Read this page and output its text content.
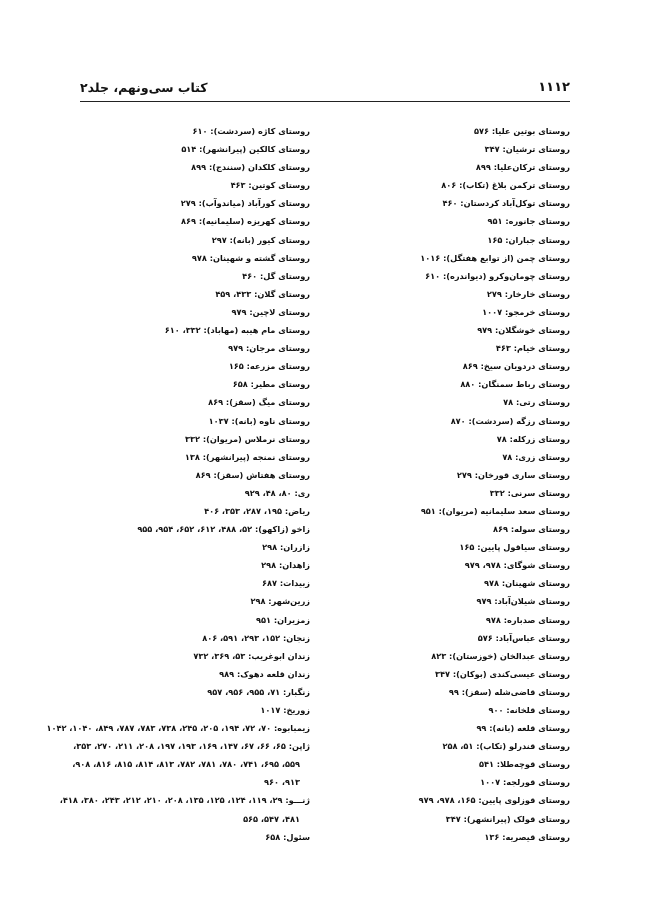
کتاب سی‌ونهم، جلد۲	۱۱۱۲
روستای بوتین علیا: ۵۷۶
روستای ترشیان: ۳۴۷
روستای ترکان‌علیا: ۸۹۹
روستای ترکمن بلاغ (تکاب): ۸۰۶
روستای توکل‌آباد کردستان: ۴۶۰
روستای جانوره: ۹۵۱
روستای جباران: ۱۶۵
روستای چمن (از توابع هفتگل): ۱۰۱۶
روستای چومان‌وکرو (دیواندره): ۶۱۰
روستای خارخار: ۲۷۹
روستای خرمجو: ۱۰۰۷
روستای خوشگلان: ۹۷۹
روستای خیام: ۴۶۳
روستای دردویان سیخ: ۸۶۹
روستای رباط سمنگان: ۸۸۰
روستای رتی: ۷۸
روستای رزگه (سردشت): ۸۷۰
روستای زرکله: ۷۸
روستای زری: ۷۸
روستای ساری قورخان: ۲۷۹
روستای سرنی: ۳۳۲
روستای سعد سلیمانیه (مریوان): ۹۵۱
روستای سوله: ۸۶۹
روستای سیاقول پایین: ۱۶۵
روستای شوگای: ۹۷۸، ۹۷۹
روستای شهینان: ۹۷۸
روستای شیلان‌آباد: ۹۷۹
روستای صدباره: ۹۷۸
روستای عباس‌آباد: ۵۷۶
روستای عبدالخان (خوزستان): ۸۲۳
روستای عیسی‌کندی (بوکان): ۳۴۷
روستای قاضی‌شله (سقز): ۹۹
روستای قلخانه: ۹۰۰
روستای قلعه (بانه): ۹۹
روستای قندرلو (تکاب): ۵۱، ۲۵۸
روستای قوچه‌طلا: ۵۴۱
روستای قورلجه: ۱۰۰۷
روستای قوزلوی پایین: ۱۶۵، ۹۷۸، ۹۷۹
روستای قولک (پیرانشهر): ۳۴۷
روستای قیصریه: ۱۳۶
روستای کاژه (سردشت): ۶۱۰
روستای کالکین (پیرانشهر): ۵۱۴
روستای کلکدان (سنندج): ۸۹۹
روستای کوتین: ۴۶۳
روستای کورآباد (میاندوآب): ۲۷۹
روستای کهریزه (سلیمانیه): ۸۶۹
روستای کیور (بانه): ۲۹۷
روستای گشته و شهینان: ۹۷۸
روستای گل: ۴۶۰
روستای گلان: ۴۳۳، ۴۵۹
روستای لاچین: ۹۷۹
روستای مام هیبه (مهاباد): ۳۳۲، ۶۱۰
روستای مرجان: ۹۷۹
روستای مزرعه: ۱۶۵
روستای مطیر: ۶۵۸
روستای میگ (سقز): ۸۶۹
روستای ناوه (بانه): ۱۰۳۷
روستای نرملاس (مریوان): ۳۳۲
روستای نمنجه (پیرانشهر): ۱۳۸
روستای هفتاش (سقز): ۸۶۹
ری: ۸۰، ۴۸، ۹۲۹
ریاض: ۱۹۵، ۲۸۷، ۳۵۳، ۴۰۶
زاخو (زاکهو): ۵۲، ۴۸۸، ۶۱۲، ۶۵۲، ۹۵۴، ۹۵۵
زازران: ۲۹۸
زاهدان: ۲۹۸
زبیدات: ۶۸۷
زرین‌شهر: ۲۹۸
زمزیران: ۹۵۱
زنجان: ۱۵۲، ۲۹۳، ۵۹۱، ۸۰۶
زندان ابوغریب: ۵۳، ۳۶۹، ۷۳۲
زندان قلعه دهوک: ۹۸۹
زنگبار: ۷۱، ۹۵۵، ۹۵۶، ۹۵۷
زوریخ: ۱۰۱۷
زیمبابوه: ۷۰، ۷۲، ۱۹۴، ۲۰۵، ۲۴۵، ۷۳۸، ۷۸۳، ۷۸۷، ۸۴۹، ۱۰۴۰، ۱۰۴۲
ژاپن: ۶۵، ۶۶، ۶۷، ۱۴۷، ۱۶۹، ۱۹۳، ۱۹۷، ۲۰۸، ۲۱۱، ۲۷۰، ۳۵۳،
۵۵۹، ۶۹۵، ۷۴۱، ۷۸۰، ۷۸۱، ۷۸۲، ۸۱۳، ۸۱۴، ۸۱۵، ۸۱۶، ۹۰۸،
۹۱۳، ۹۶۰
ژنـــو: ۲۹، ۱۱۹، ۱۲۴، ۱۲۵، ۱۳۵، ۲۰۸، ۲۱۰، ۲۱۲، ۲۴۳، ۳۸۰، ۴۱۸،
۴۸۱، ۵۴۷، ۵۶۵
سئول: ۶۵۸
